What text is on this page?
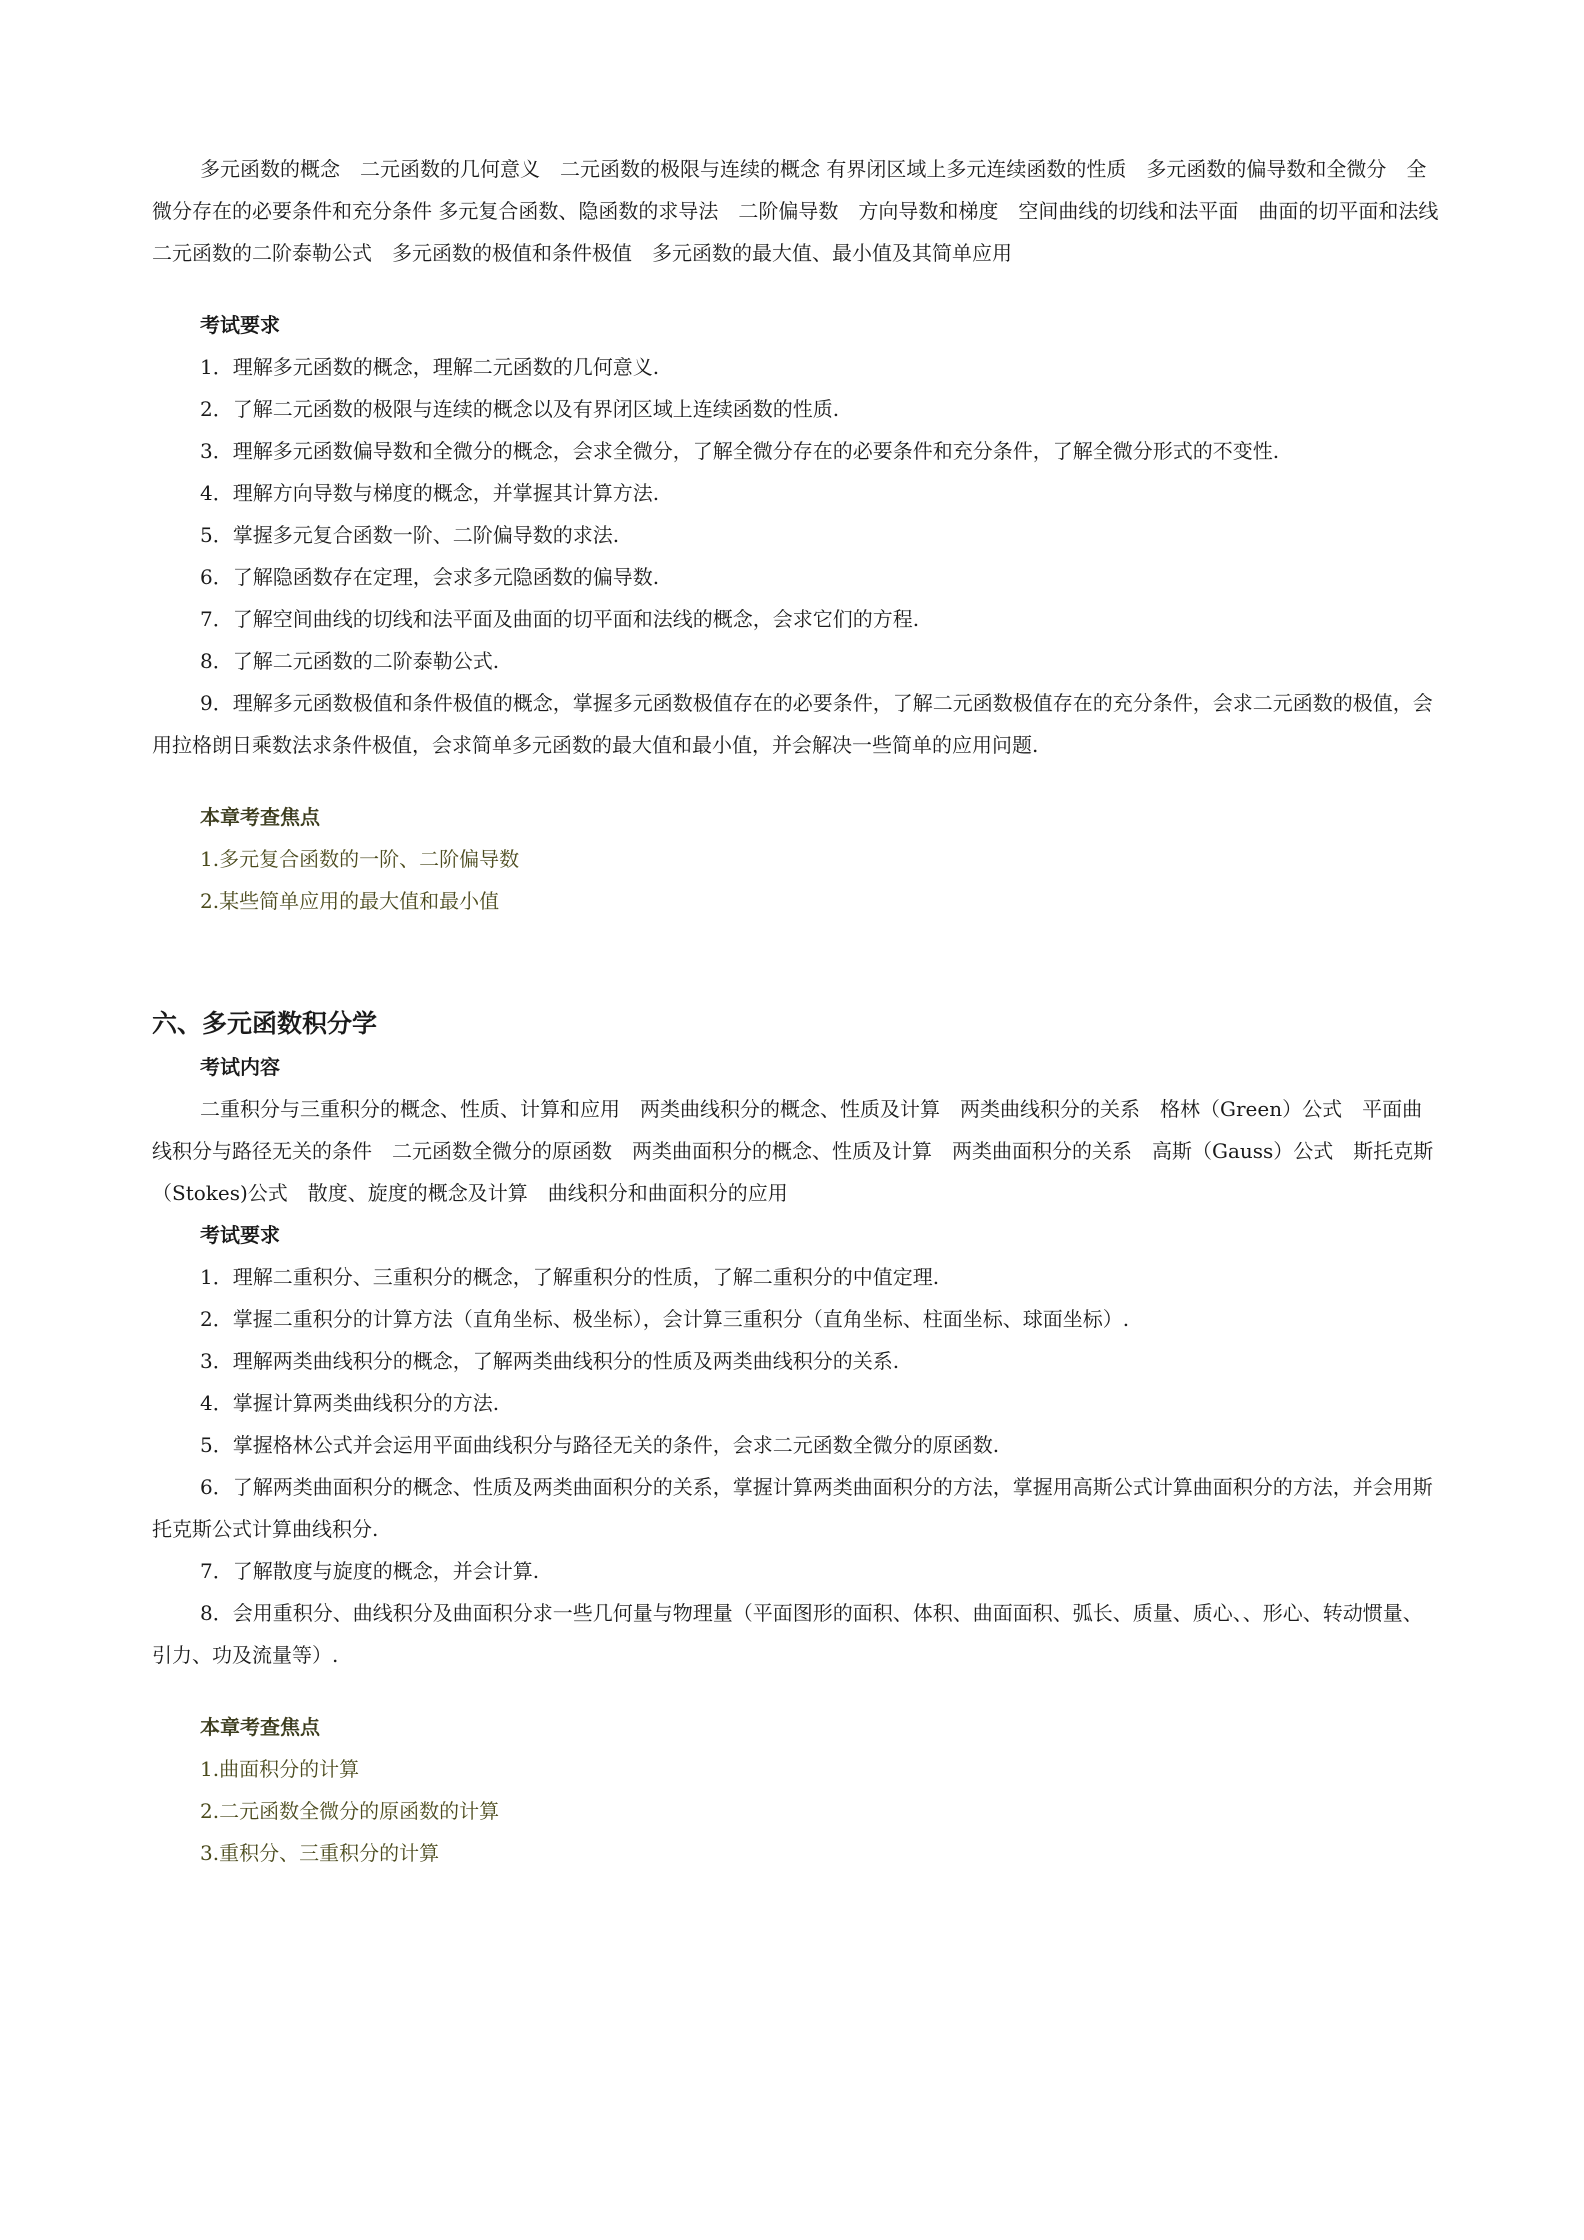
多元函数的概念　二元函数的几何意义　二元函数的极限与连续的概念 有界闭区域上多元连续函数的性质　多元函数的偏导数和全微分　全微分存在的必要条件和充分条件 多元复合函数、隐函数的求导法　二阶偏导数　方向导数和梯度　空间曲线的切线和法平面　曲面的切平面和法线　二元函数的二阶泰勒公式　多元函数的极值和条件极值　多元函数的最大值、最小值及其简单应用

考试要求

1．理解多元函数的概念，理解二元函数的几何意义.

2．了解二元函数的极限与连续的概念以及有界闭区域上连续函数的性质.

3．理解多元函数偏导数和全微分的概念，会求全微分，了解全微分存在的必要条件和充分条件，了解全微分形式的不变性.

4．理解方向导数与梯度的概念，并掌握其计算方法.

5．掌握多元复合函数一阶、二阶偏导数的求法.

6．了解隐函数存在定理，会求多元隐函数的偏导数.

7．了解空间曲线的切线和法平面及曲面的切平面和法线的概念，会求它们的方程.

8．了解二元函数的二阶泰勒公式.

9．理解多元函数极值和条件极值的概念，掌握多元函数极值存在的必要条件，了解二元函数极值存在的充分条件，会求二元函数的极值，会用拉格朗日乘数法求条件极值，会求简单多元函数的最大值和最小值，并会解决一些简单的应用问题.

本章考查焦点

1.多元复合函数的一阶、二阶偏导数

2.某些简单应用的最大值和最小值

六、多元函数积分学

考试内容

二重积分与三重积分的概念、性质、计算和应用　两类曲线积分的概念、性质及计算　两类曲线积分的关系　格林（Green）公式　平面曲线积分与路径无关的条件　二元函数全微分的原函数　两类曲面积分的概念、性质及计算　两类曲面积分的关系　高斯（Gauss）公式　斯托克斯（Stokes)公式　散度、旋度的概念及计算　曲线积分和曲面积分的应用

考试要求

1．理解二重积分、三重积分的概念，了解重积分的性质，了解二重积分的中值定理.

2．掌握二重积分的计算方法（直角坐标、极坐标），会计算三重积分（直角坐标、柱面坐标、球面坐标）.

3．理解两类曲线积分的概念，了解两类曲线积分的性质及两类曲线积分的关系.

4．掌握计算两类曲线积分的方法.

5．掌握格林公式并会运用平面曲线积分与路径无关的条件，会求二元函数全微分的原函数.

6．了解两类曲面积分的概念、性质及两类曲面积分的关系，掌握计算两类曲面积分的方法，掌握用高斯公式计算曲面积分的方法，并会用斯托克斯公式计算曲线积分.

7．了解散度与旋度的概念，并会计算.

8．会用重积分、曲线积分及曲面积分求一些几何量与物理量（平面图形的面积、体积、曲面面积、弧长、质量、质心、、形心、转动惯量、引力、功及流量等）.

本章考查焦点

1.曲面积分的计算

2.二元函数全微分的原函数的计算

3.重积分、三重积分的计算
